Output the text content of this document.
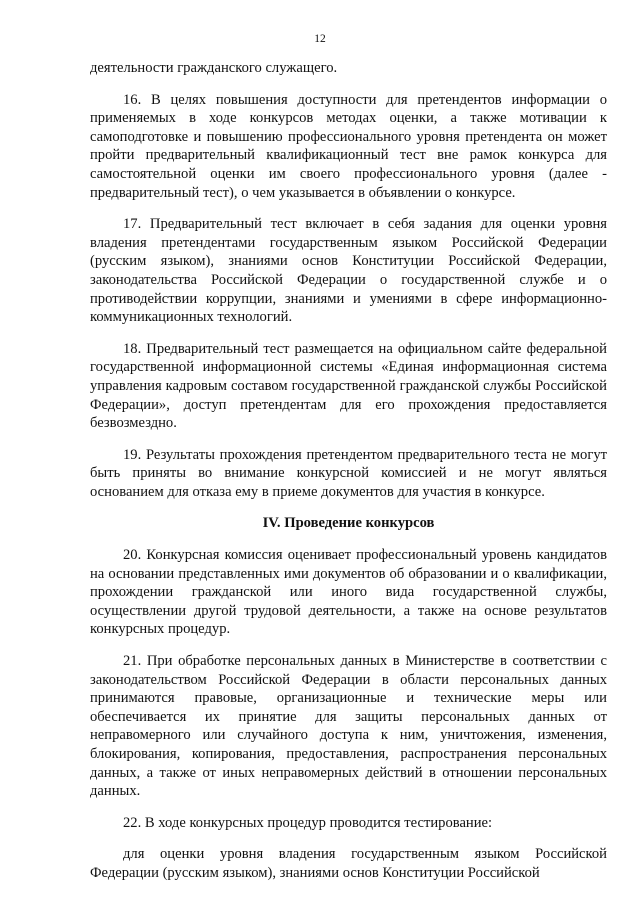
12

деятельности гражданского служащего.

16. В целях повышения доступности для претендентов информации о применяемых в ходе конкурсов методах оценки, а также мотивации к самоподготовке и повышению профессионального уровня претендента он может пройти предварительный квалификационный тест вне рамок конкурса для самостоятельной оценки им своего профессионального уровня (далее - предварительный тест), о чем указывается в объявлении о конкурсе.

17. Предварительный тест включает в себя задания для оценки уровня владения претендентами государственным языком Российской Федерации (русским языком), знаниями основ Конституции Российской Федерации, законодательства Российской Федерации о государственной службе и о противодействии коррупции, знаниями и умениями в сфере информационно-коммуникационных технологий.

18. Предварительный тест размещается на официальном сайте федеральной государственной информационной системы «Единая информационная система управления кадровым составом государственной гражданской службы Российской Федерации», доступ претендентам для его прохождения предоставляется безвозмездно.

19. Результаты прохождения претендентом предварительного теста не могут быть приняты во внимание конкурсной комиссией и не могут являться основанием для отказа ему в приеме документов для участия в конкурсе.

IV. Проведение конкурсов

20. Конкурсная комиссия оценивает профессиональный уровень кандидатов на основании представленных ими документов об образовании и о квалификации, прохождении гражданской или иного вида государственной службы, осуществлении другой трудовой деятельности, а также на основе результатов конкурсных процедур.

21. При обработке персональных данных в Министерстве в соответствии с законодательством Российской Федерации в области персональных данных принимаются правовые, организационные и технические меры или обеспечивается их принятие для защиты персональных данных от неправомерного или случайного доступа к ним, уничтожения, изменения, блокирования, копирования, предоставления, распространения персональных данных, а также от иных неправомерных действий в отношении персональных данных.

22. В ходе конкурсных процедур проводится тестирование:

для оценки уровня владения государственным языком Российской Федерации (русским языком), знаниями основ Конституции Российской
